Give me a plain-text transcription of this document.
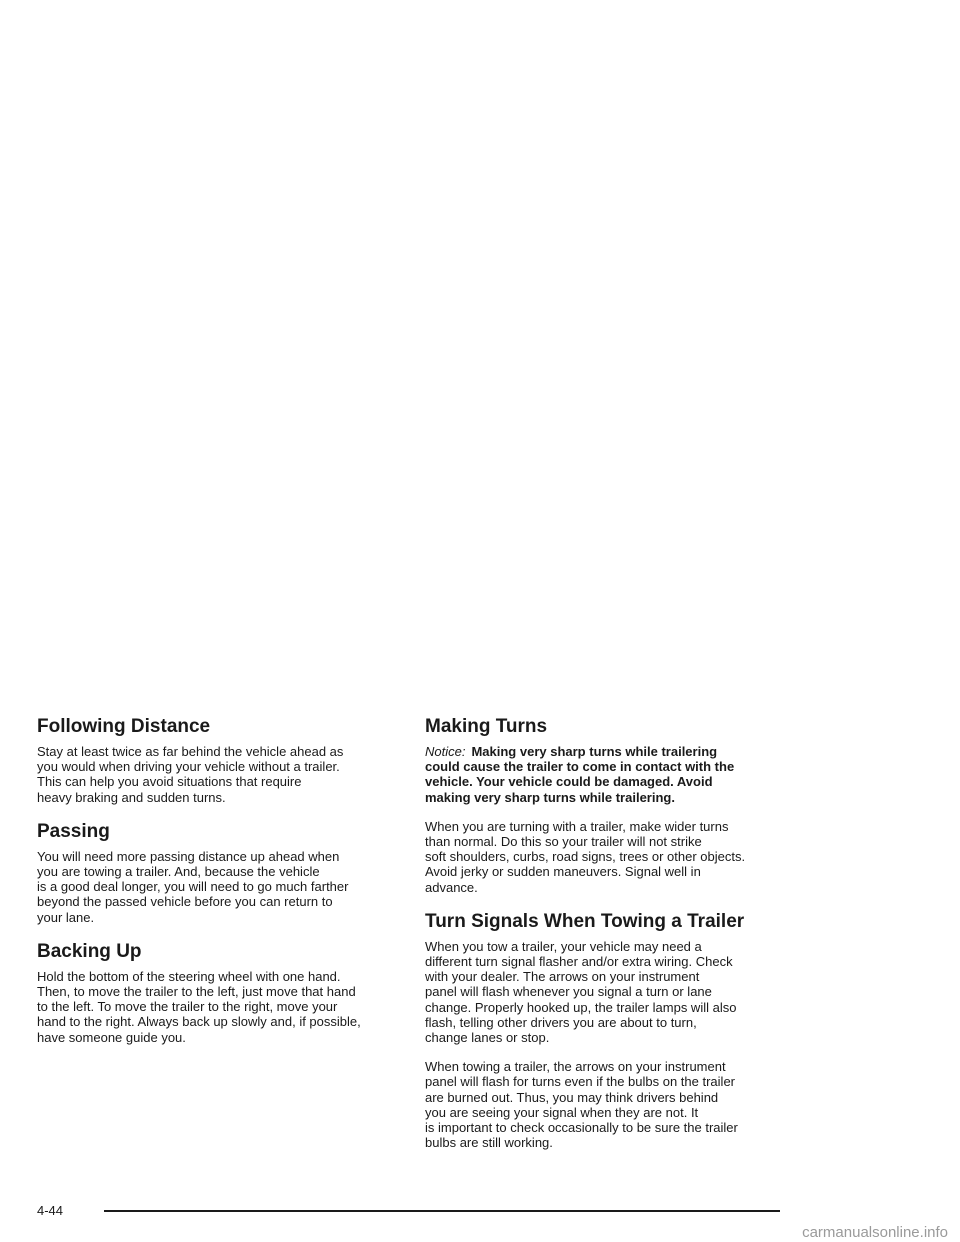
Following Distance

Stay at least twice as far behind the vehicle ahead as
you would when driving your vehicle without a trailer.
This can help you avoid situations that require
heavy braking and sudden turns.

Passing

You will need more passing distance up ahead when
you are towing a trailer. And, because the vehicle
is a good deal longer, you will need to go much farther
beyond the passed vehicle before you can return to
your lane.

Backing Up

Hold the bottom of the steering wheel with one hand.
Then, to move the trailer to the left, just move that hand
to the left. To move the trailer to the right, move your
hand to the right. Always back up slowly and, if possible,
have someone guide you.

Making Turns

Notice: Making very sharp turns while trailering
could cause the trailer to come in contact with the
vehicle. Your vehicle could be damaged. Avoid
making very sharp turns while trailering.

When you are turning with a trailer, make wider turns
than normal. Do this so your trailer will not strike
soft shoulders, curbs, road signs, trees or other objects.
Avoid jerky or sudden maneuvers. Signal well in
advance.

Turn Signals When Towing a Trailer

When you tow a trailer, your vehicle may need a
different turn signal flasher and/or extra wiring. Check
with your dealer. The arrows on your instrument
panel will flash whenever you signal a turn or lane
change. Properly hooked up, the trailer lamps will also
flash, telling other drivers you are about to turn,
change lanes or stop.

When towing a trailer, the arrows on your instrument
panel will flash for turns even if the bulbs on the trailer
are burned out. Thus, you may think drivers behind
you are seeing your signal when they are not. It
is important to check occasionally to be sure the trailer
bulbs are still working.

4-44
carmanualsonline.info
